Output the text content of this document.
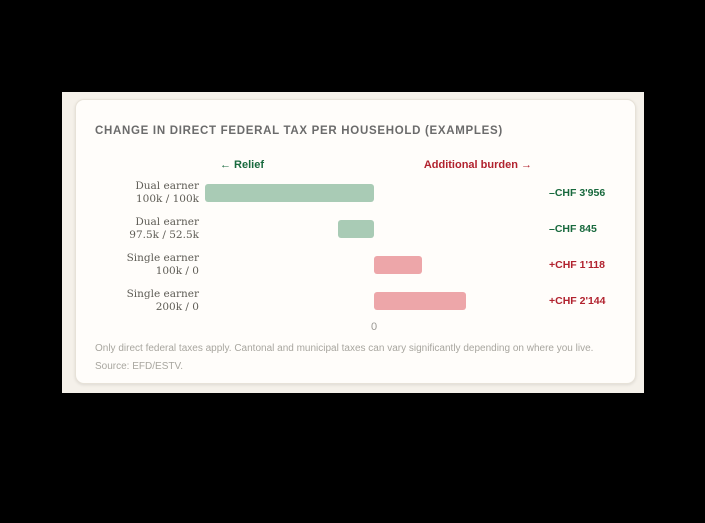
CHANGE IN DIRECT FEDERAL TAX PER HOUSEHOLD (EXAMPLES)
← Relief	Additional burden →
Dual earner
100k / 100k	–CHF 3'956
Dual earner
97.5k / 52.5k	–CHF 845
Single earner
100k / 0	+CHF 1'118
Single earner
200k / 0	+CHF 2'144
0

Only direct federal taxes apply. Cantonal and municipal taxes can vary significantly depending on where you live.

Source: EFD/ESTV.
